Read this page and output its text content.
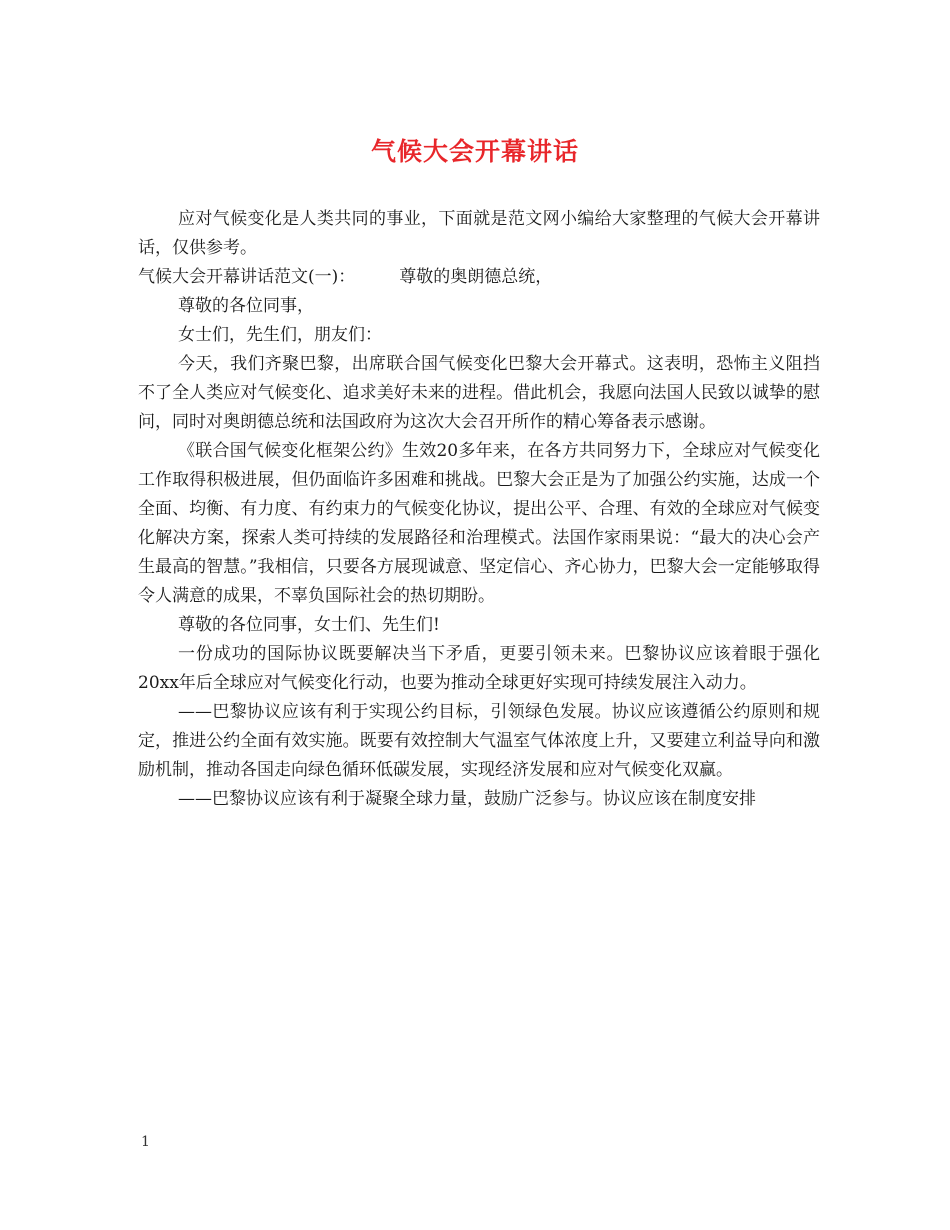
气候大会开幕讲话

应对气候变化是人类共同的事业，下面就是范文网小编给大家整理的气候大会开幕讲话，仅供参考。

气候大会开幕讲话范文(一)：	尊敬的奥朗德总统，

尊敬的各位同事，

女士们，先生们，朋友们：

今天，我们齐聚巴黎，出席联合国气候变化巴黎大会开幕式。这表明，恐怖主义阻挡不了全人类应对气候变化、追求美好未来的进程。借此机会，我愿向法国人民致以诚挚的慰问，同时对奥朗德总统和法国政府为这次大会召开所作的精心筹备表示感谢。

《联合国气候变化框架公约》生效20多年来，在各方共同努力下，全球应对气候变化工作取得积极进展，但仍面临许多困难和挑战。巴黎大会正是为了加强公约实施，达成一个全面、均衡、有力度、有约束力的气候变化协议，提出公平、合理、有效的全球应对气候变化解决方案，探索人类可持续的发展路径和治理模式。法国作家雨果说：“最大的决心会产生最高的智慧。”我相信，只要各方展现诚意、坚定信心、齐心协力，巴黎大会一定能够取得令人满意的成果，不辜负国际社会的热切期盼。

尊敬的各位同事，女士们、先生们!

一份成功的国际协议既要解决当下矛盾，更要引领未来。巴黎协议应该着眼于强化20xx年后全球应对气候变化行动，也要为推动全球更好实现可持续发展注入动力。

——巴黎协议应该有利于实现公约目标，引领绿色发展。协议应该遵循公约原则和规定，推进公约全面有效实施。既要有效控制大气温室气体浓度上升，又要建立利益导向和激励机制，推动各国走向绿色循环低碳发展，实现经济发展和应对气候变化双赢。

——巴黎协议应该有利于凝聚全球力量，鼓励广泛参与。协议应该在制度安排

1
